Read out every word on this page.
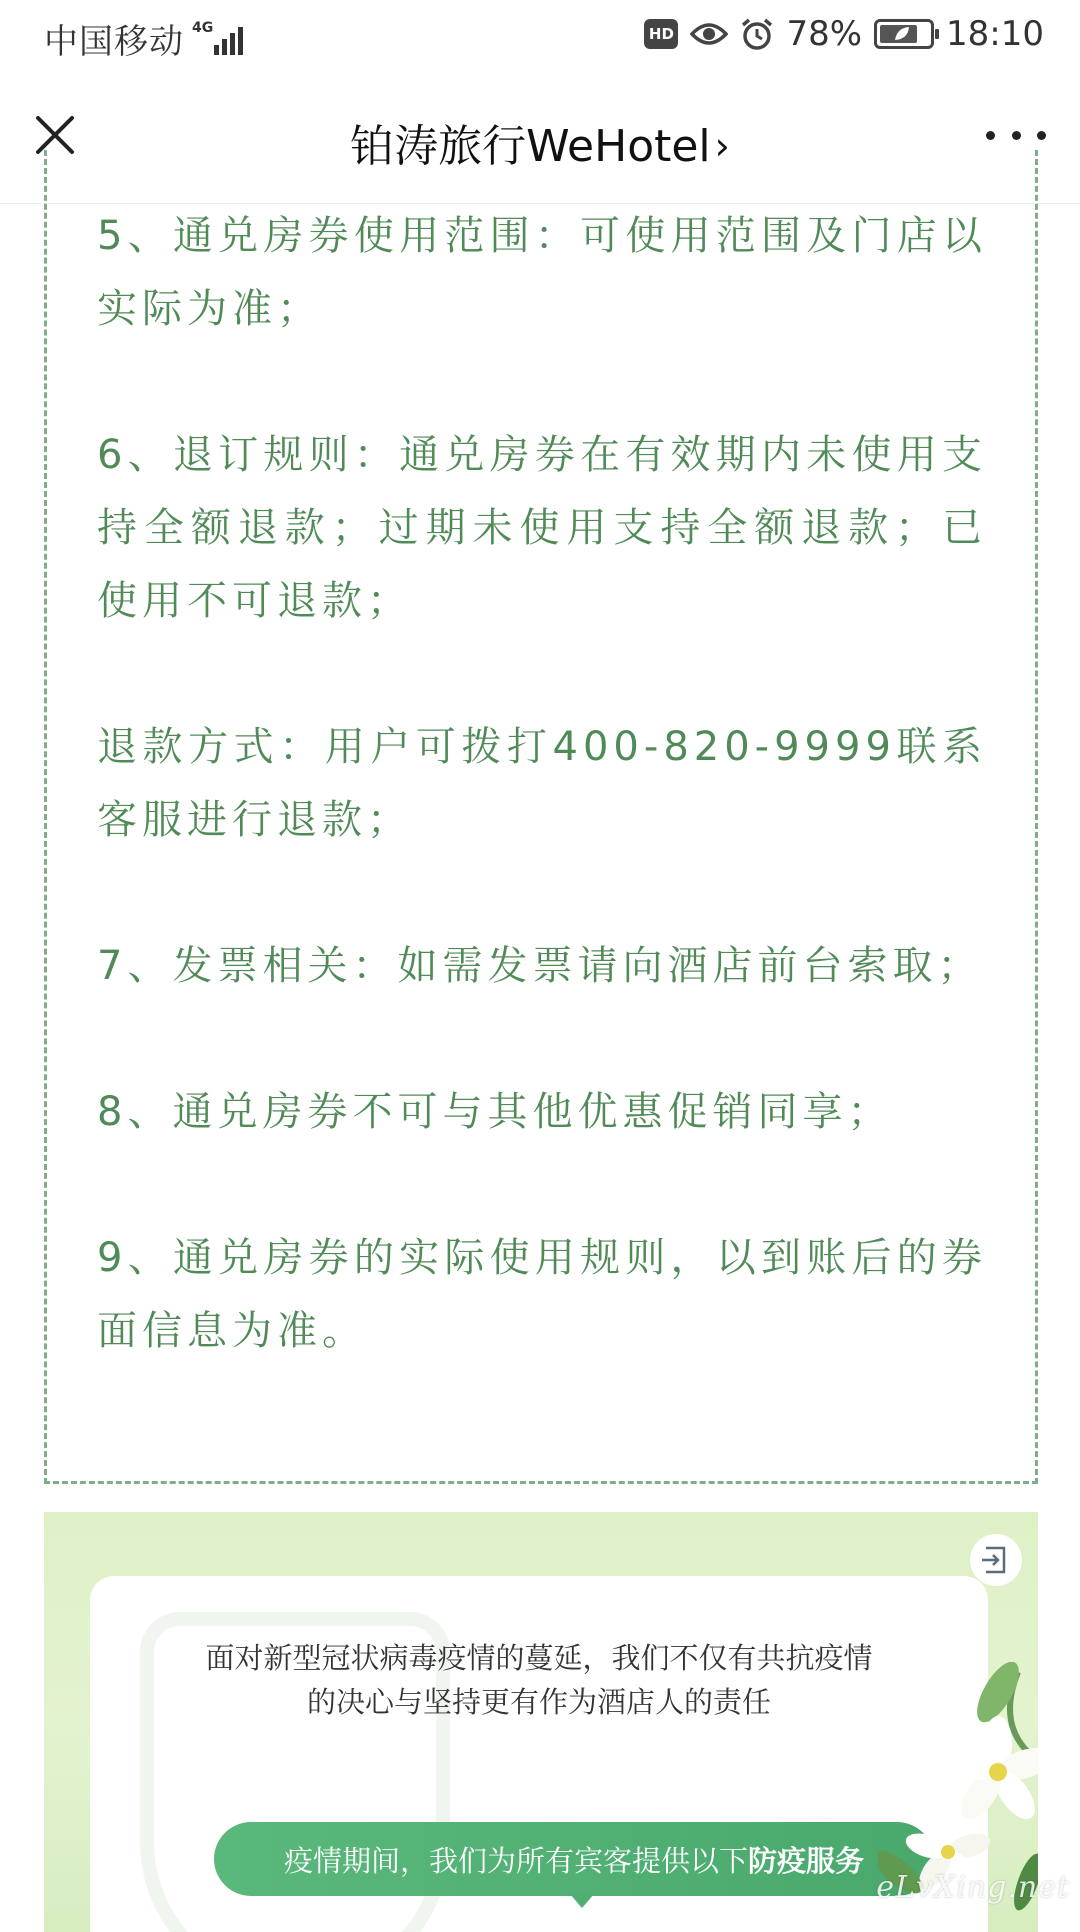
中国移动 4G	HD	78% 18:10
铂涛旅行WeHotel ›

5、通兑房券使用范围：可使用范围及门店以实际为准；

6、退订规则：通兑房券在有效期内未使用支持全额退款；过期未使用支持全额退款；已使用不可退款；

退款方式：用户可拨打400-820-9999联系客服进行退款；

7、发票相关：如需发票请向酒店前台索取；

8、通兑房券不可与其他优惠促销同享；

9、通兑房券的实际使用规则，以到账后的券面信息为准。

面对新型冠状病毒疫情的蔓延，我们不仅有共抗疫情
的决心与坚持更有作为酒店人的责任
疫情期间，我们为所有宾客提供以下 防疫服务
eLvXing.net
